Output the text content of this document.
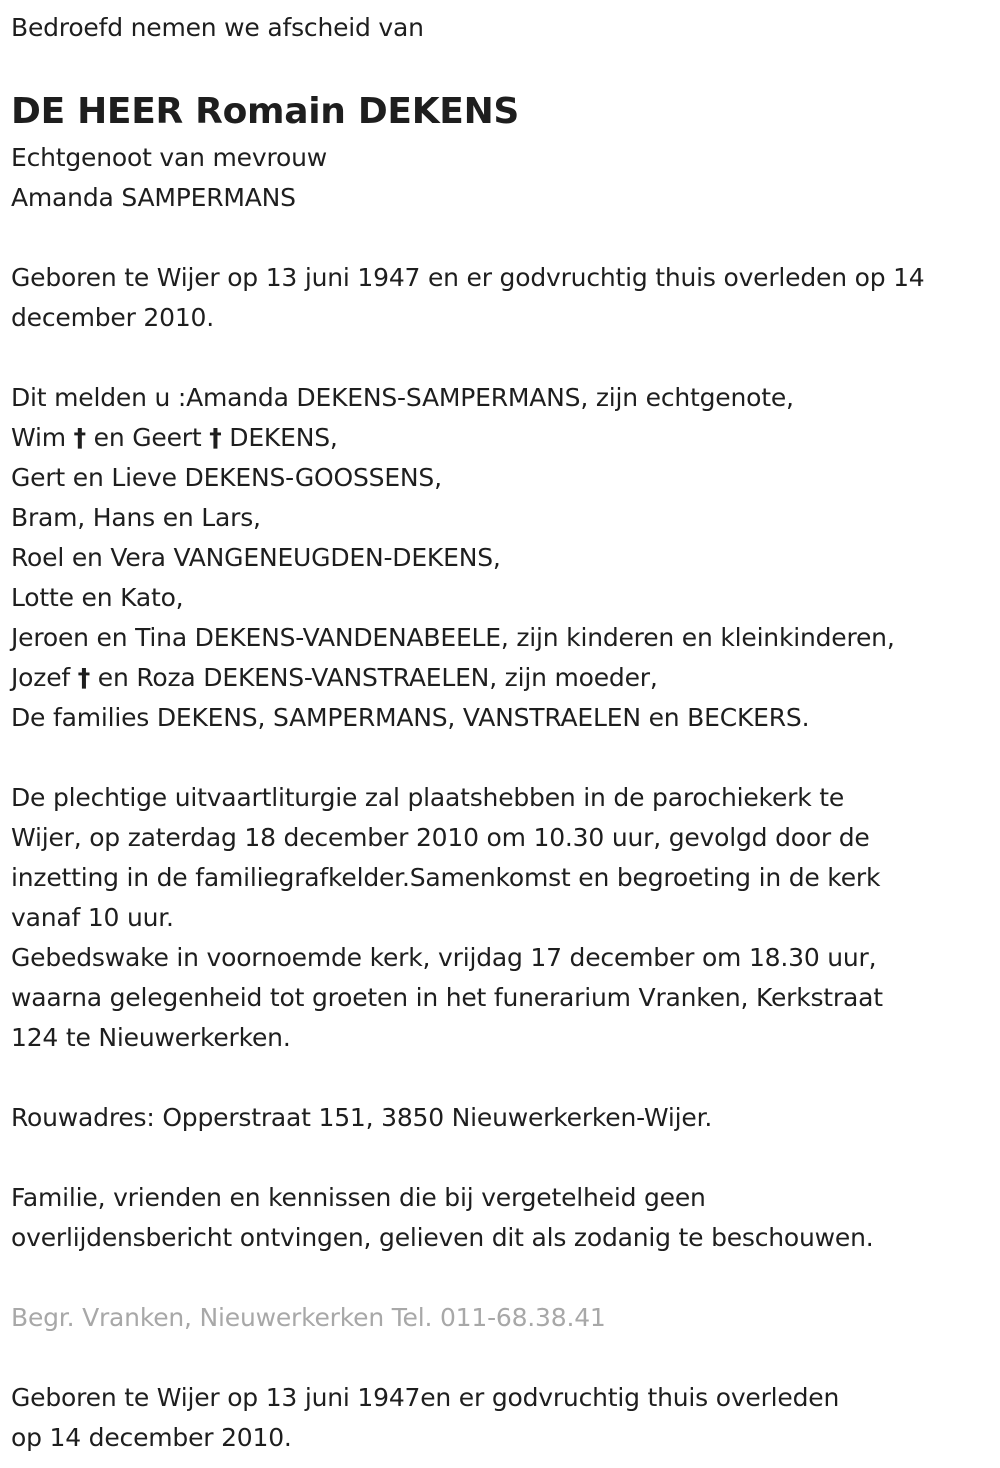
Bedroefd nemen we afscheid van
DE HEER Romain DEKENS
Echtgenoot van mevrouw
Amanda SAMPERMANS
Geboren te Wijer op 13 juni 1947 en er godvruchtig thuis overleden op 14
december 2010.
Dit melden u :Amanda DEKENS-SAMPERMANS, zijn echtgenote,
Wim † en Geert † DEKENS,
Gert en Lieve DEKENS-GOOSSENS,
Bram, Hans en Lars,
Roel en Vera VANGENEUGDEN-DEKENS,
Lotte en Kato,
Jeroen en Tina DEKENS-VANDENABEELE, zijn kinderen en kleinkinderen,
Jozef † en Roza DEKENS-VANSTRAELEN, zijn moeder,
De families DEKENS, SAMPERMANS, VANSTRAELEN en BECKERS.
De plechtige uitvaartliturgie zal plaatshebben in de parochiekerk te
Wijer, op zaterdag 18 december 2010 om 10.30 uur, gevolgd door de
inzetting in de familiegrafkelder.Samenkomst en begroeting in de kerk
vanaf 10 uur.
Gebedswake in voornoemde kerk, vrijdag 17 december om 18.30 uur,
waarna gelegenheid tot groeten in het funerarium Vranken, Kerkstraat
124 te Nieuwerkerken.
Rouwadres: Opperstraat 151, 3850 Nieuwerkerken-Wijer.
Familie, vrienden en kennissen die bij vergetelheid geen
overlijdensbericht ontvingen, gelieven dit als zodanig te beschouwen.
Begr. Vranken, Nieuwerkerken Tel. 011-68.38.41
Geboren te Wijer op 13 juni 1947en er godvruchtig thuis overleden
op 14 december 2010.
